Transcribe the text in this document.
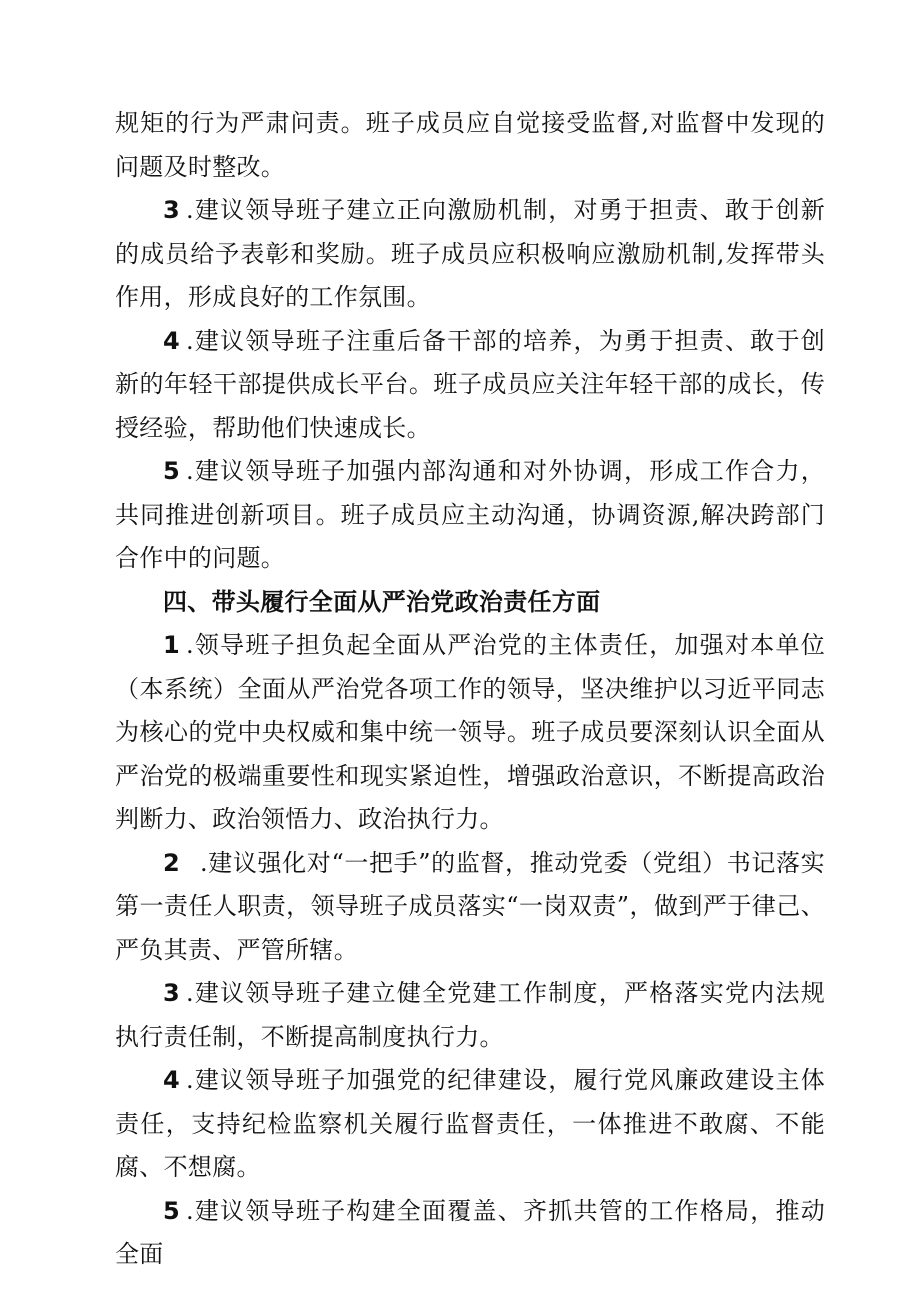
规矩的行为严肃问责。班子成员应自觉接受监督,对监督中发现的问题及时整改。

3 .建议领导班子建立正向激励机制，对勇于担责、敢于创新的成员给予表彰和奖励。班子成员应积极响应激励机制,发挥带头作用，形成良好的工作氛围。

4 .建议领导班子注重后备干部的培养，为勇于担责、敢于创新的年轻干部提供成长平台。班子成员应关注年轻干部的成长，传授经验，帮助他们快速成长。

5 .建议领导班子加强内部沟通和对外协调，形成工作合力，共同推进创新项目。班子成员应主动沟通，协调资源,解决跨部门合作中的问题。

四、带头履行全面从严治党政治责任方面

1 .领导班子担负起全面从严治党的主体责任，加强对本单位（本系统）全面从严治党各项工作的领导，坚决维护以习近平同志为核心的党中央权威和集中统一领导。班子成员要深刻认识全面从严治党的极端重要性和现实紧迫性，增强政治意识，不断提高政治判断力、政治领悟力、政治执行力。

2 .建议强化对“一把手”的监督，推动党委（党组）书记落实第一责任人职责，领导班子成员落实“一岗双责”，做到严于律己、严负其责、严管所辖。

3 .建议领导班子建立健全党建工作制度，严格落实党内法规执行责任制，不断提高制度执行力。

4 .建议领导班子加强党的纪律建设，履行党风廉政建设主体责任，支持纪检监察机关履行监督责任，一体推进不敢腐、不能腐、不想腐。

5 .建议领导班子构建全面覆盖、齐抓共管的工作格局，推动全面
